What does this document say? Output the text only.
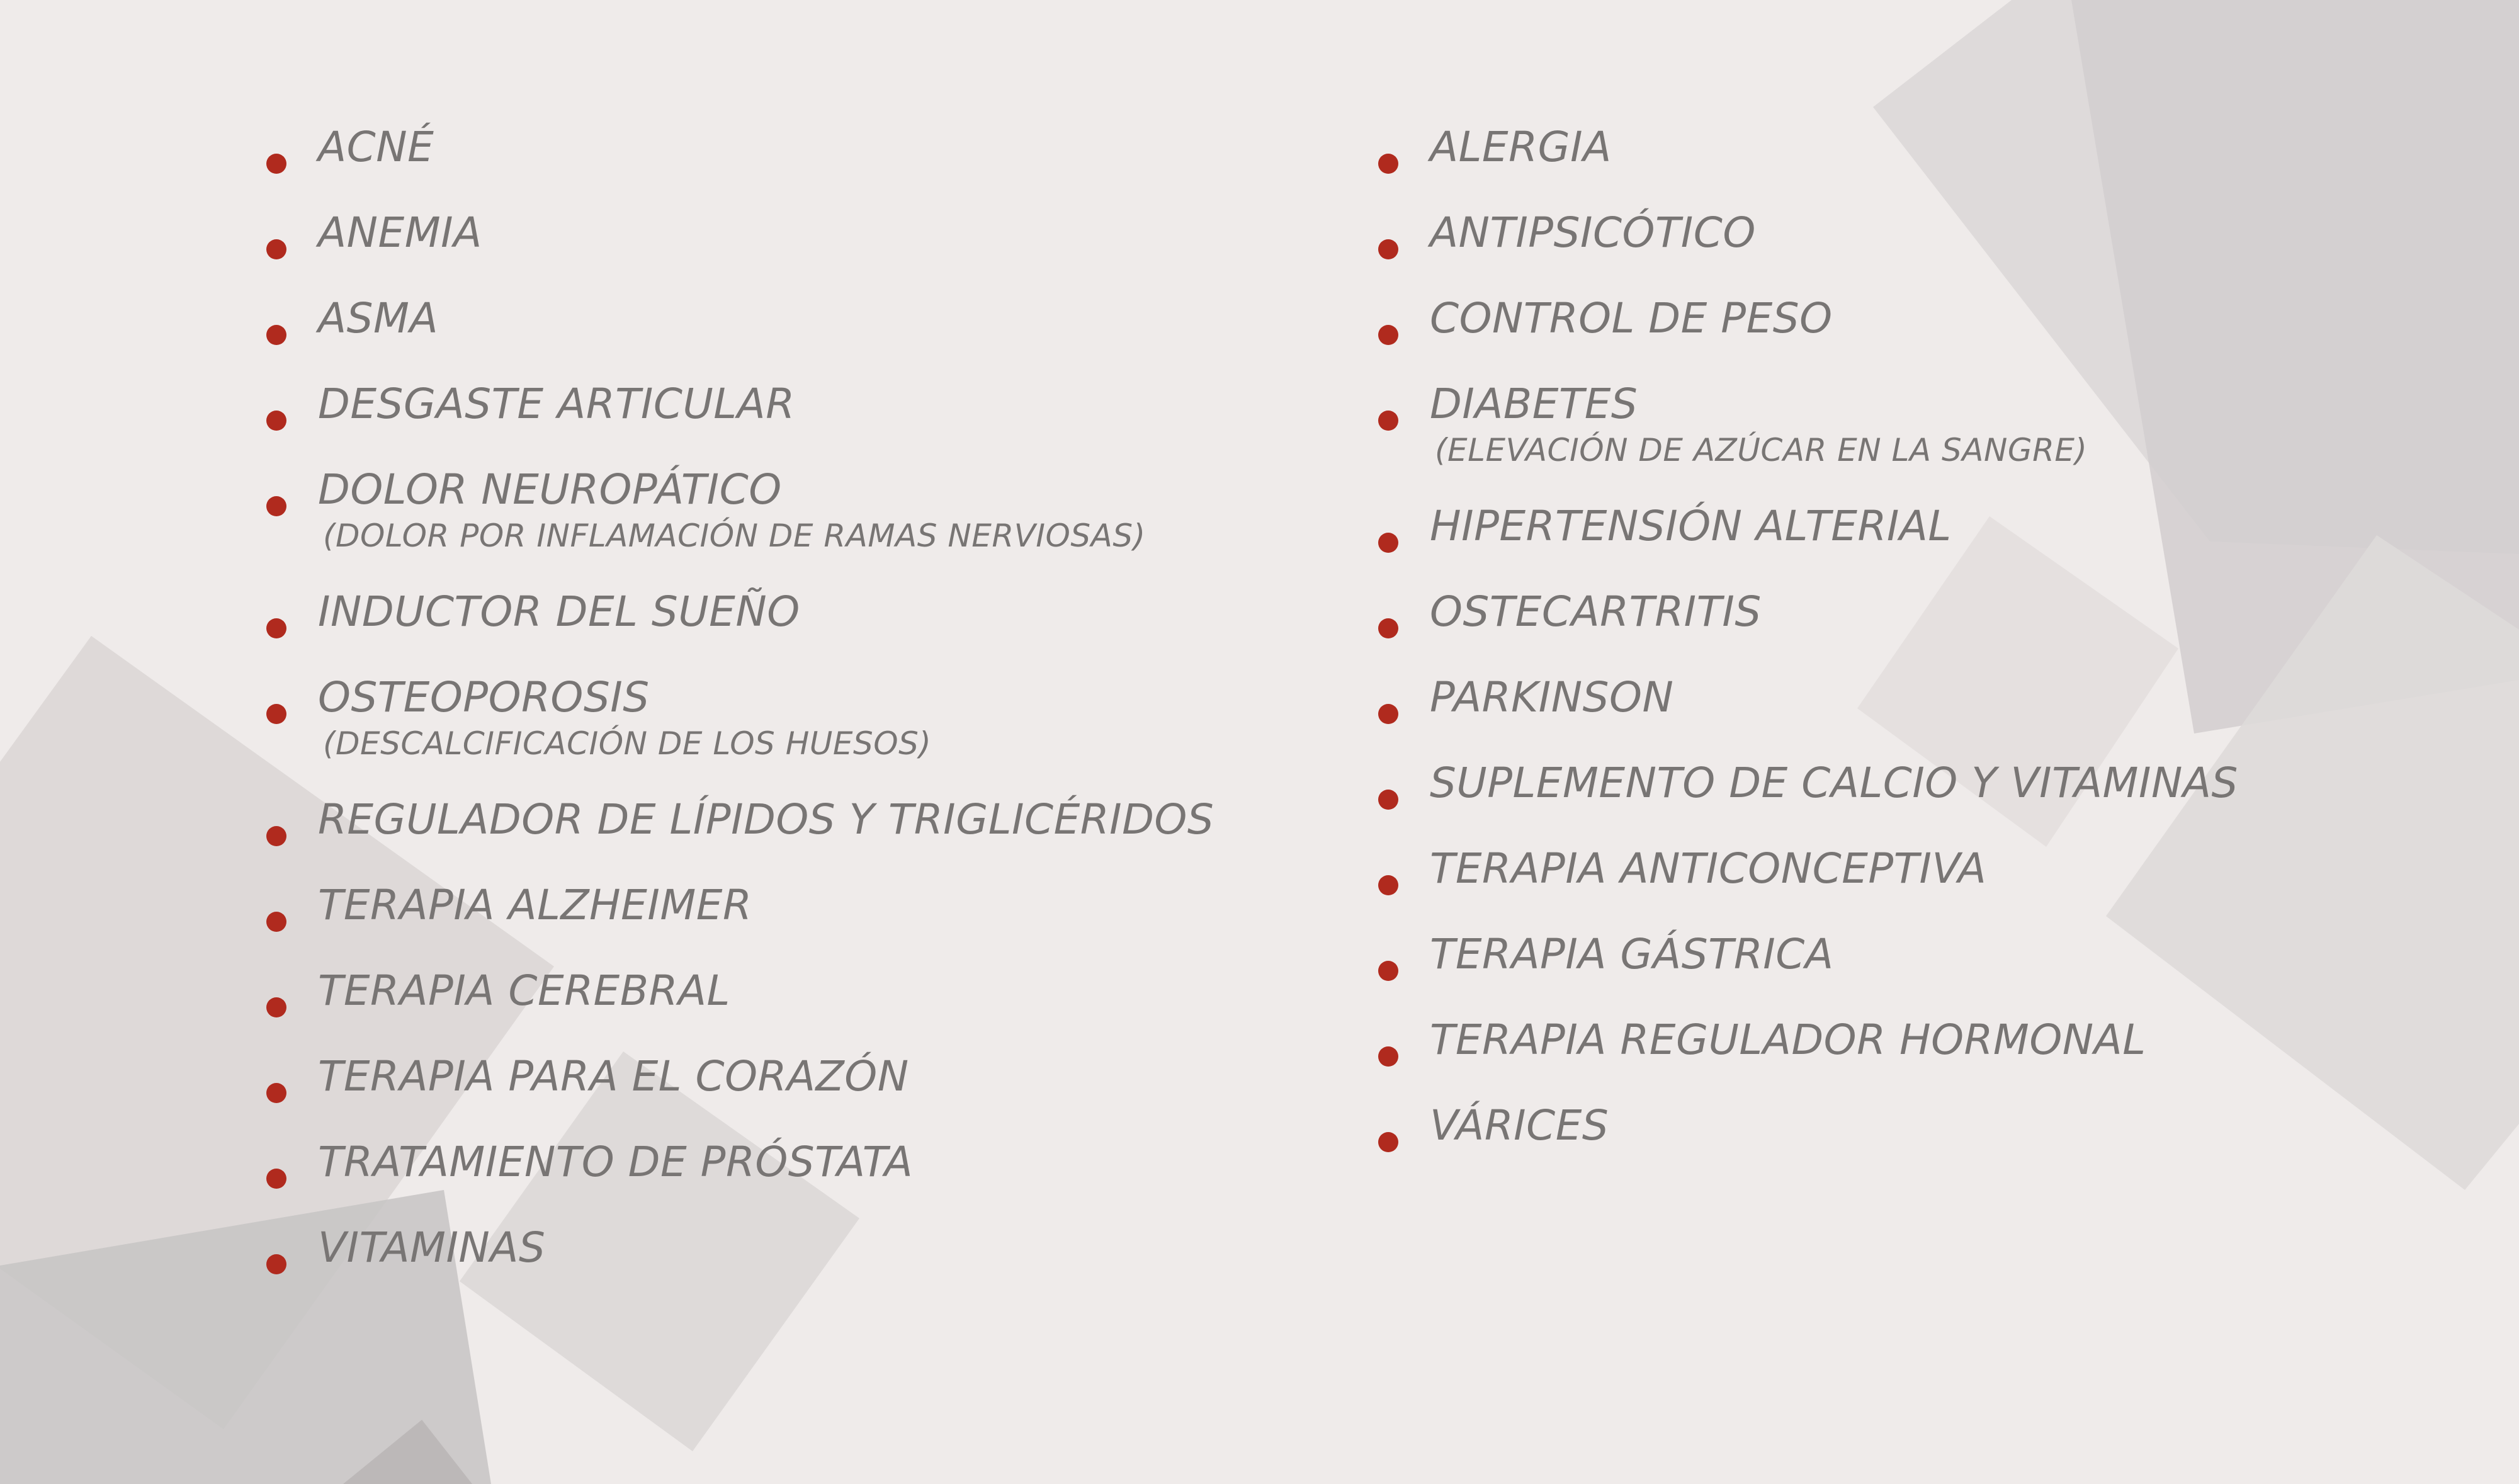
ACNÉ
ANEMIA
ASMA
DESGASTE ARTICULAR
DOLOR NEUROPÁTICO
(DOLOR POR INFLAMACIÓN DE RAMAS NERVIOSAS)
INDUCTOR DEL SUEÑO
OSTEOPOROSIS
(DESCALCIFICACIÓN DE LOS HUESOS)
REGULADOR DE LÍPIDOS Y TRIGLICÉRIDOS
TERAPIA ALZHEIMER
TERAPIA CEREBRAL
TERAPIA PARA EL CORAZÓN
TRATAMIENTO DE PRÓSTATA
VITAMINAS
ALERGIA
ANTIPSICÓTICO
CONTROL DE PESO
DIABETES
(ELEVACIÓN DE AZÚCAR EN LA SANGRE)
HIPERTENSIÓN ALTERIAL
OSTECARTRITIS
PARKINSON
SUPLEMENTO DE CALCIO Y VITAMINAS
TERAPIA ANTICONCEPTIVA
TERAPIA GÁSTRICA
TERAPIA REGULADOR HORMONAL
VÁRICES
